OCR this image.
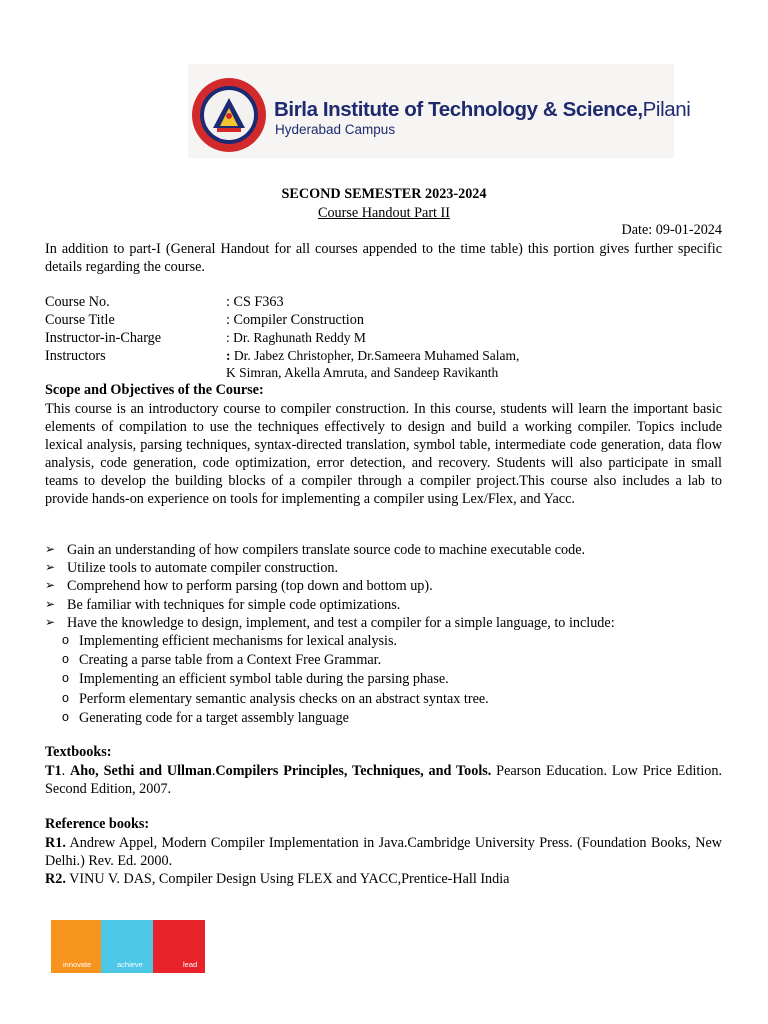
Birla Institute of Technology & Science,Pilani
Hyderabad Campus
SECOND SEMESTER 2023-2024
Course Handout Part II
Date: 09-01-2024
In addition to part-I (General Handout for all courses appended to the time table) this portion gives further specific details regarding the course.
Course No.	: CS F363
Course Title	: Compiler Construction
Instructor-in-Charge	: Dr. Raghunath Reddy M
Instructors	: Dr. Jabez Christopher, Dr.Sameera Muhamed Salam,
K Simran, Akella Amruta, and Sandeep Ravikanth
Scope and Objectives of the Course:
This course is an introductory course to compiler construction. In this course, students will learn the important basic elements of compilation to use the techniques effectively to design and build a working compiler. Topics include lexical analysis, parsing techniques, syntax-directed translation, symbol table, intermediate code generation, data flow analysis, code generation, code optimization, error detection, and recovery. Students will also participate in small teams to develop the building blocks of a compiler through a compiler project.This course also includes a lab to provide hands-on experience on tools for implementing a compiler using Lex/Flex, and Yacc.
➢ Gain an understanding of how compilers translate source code to machine executable code.
➢ Utilize tools to automate compiler construction.
➢ Comprehend how to perform parsing (top down and bottom up).
➢ Be familiar with techniques for simple code optimizations.
➢ Have the knowledge to design, implement, and test a compiler for a simple language, to include:
o Implementing efficient mechanisms for lexical analysis.
o Creating a parse table from a Context Free Grammar.
o Implementing an efficient symbol table during the parsing phase.
o Perform elementary semantic analysis checks on an abstract syntax tree.
o Generating code for a target assembly language
Textbooks:
T1. Aho, Sethi and Ullman.Compilers Principles, Techniques, and Tools. Pearson Education. Low Price Edition. Second Edition, 2007.
Reference books:
R1. Andrew Appel, Modern Compiler Implementation in Java.Cambridge University Press. (Foundation Books, New Delhi.) Rev. Ed. 2000.
R2. VINU V. DAS, Compiler Design Using FLEX and YACC,Prentice-Hall India
innovate	achieve	lead
